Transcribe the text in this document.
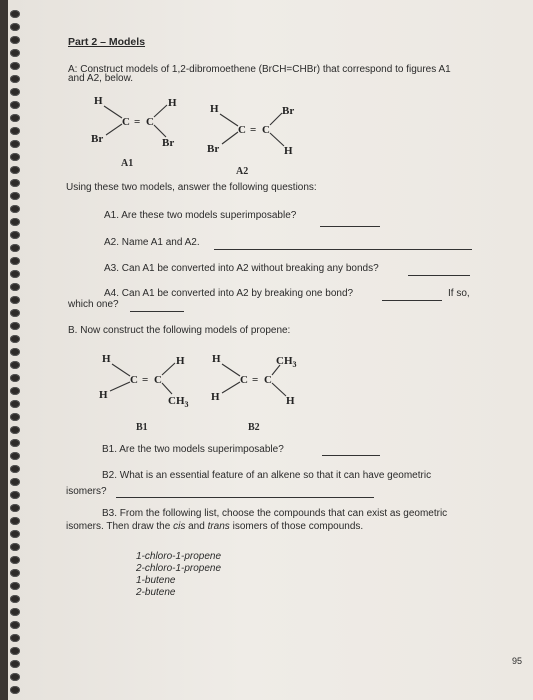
Part 2 – Models
A: Construct models of 1,2-dibromoethene (BrCH=CHBr) that correspond to figures A1
and A2, below.
H	H
Br	Br
C = C
A1
H	Br
Br	H
C = C
A2
Using these two models, answer the following questions:
A1. Are these two models superimposable?
A2. Name A1 and A2.
A3. Can A1 be converted into A2 without breaking any bonds?
A4. Can A1 be converted into A2 by breaking one bond?	If so,
which one?
B. Now construct the following models of propene:
H	H
H	$CH_3$
C = C
B1
H	$CH_3$
H	H
C = C
B2
B1. Are the two models superimposable?
B2. What is an essential feature of an alkene so that it can have geometric
isomers?
B3. From the following list, choose the compounds that can exist as geometric
isomers. Then draw the cis and trans isomers of those compounds.
1-chloro-1-propene
2-chloro-1-propene
1-butene
2-butene
95
